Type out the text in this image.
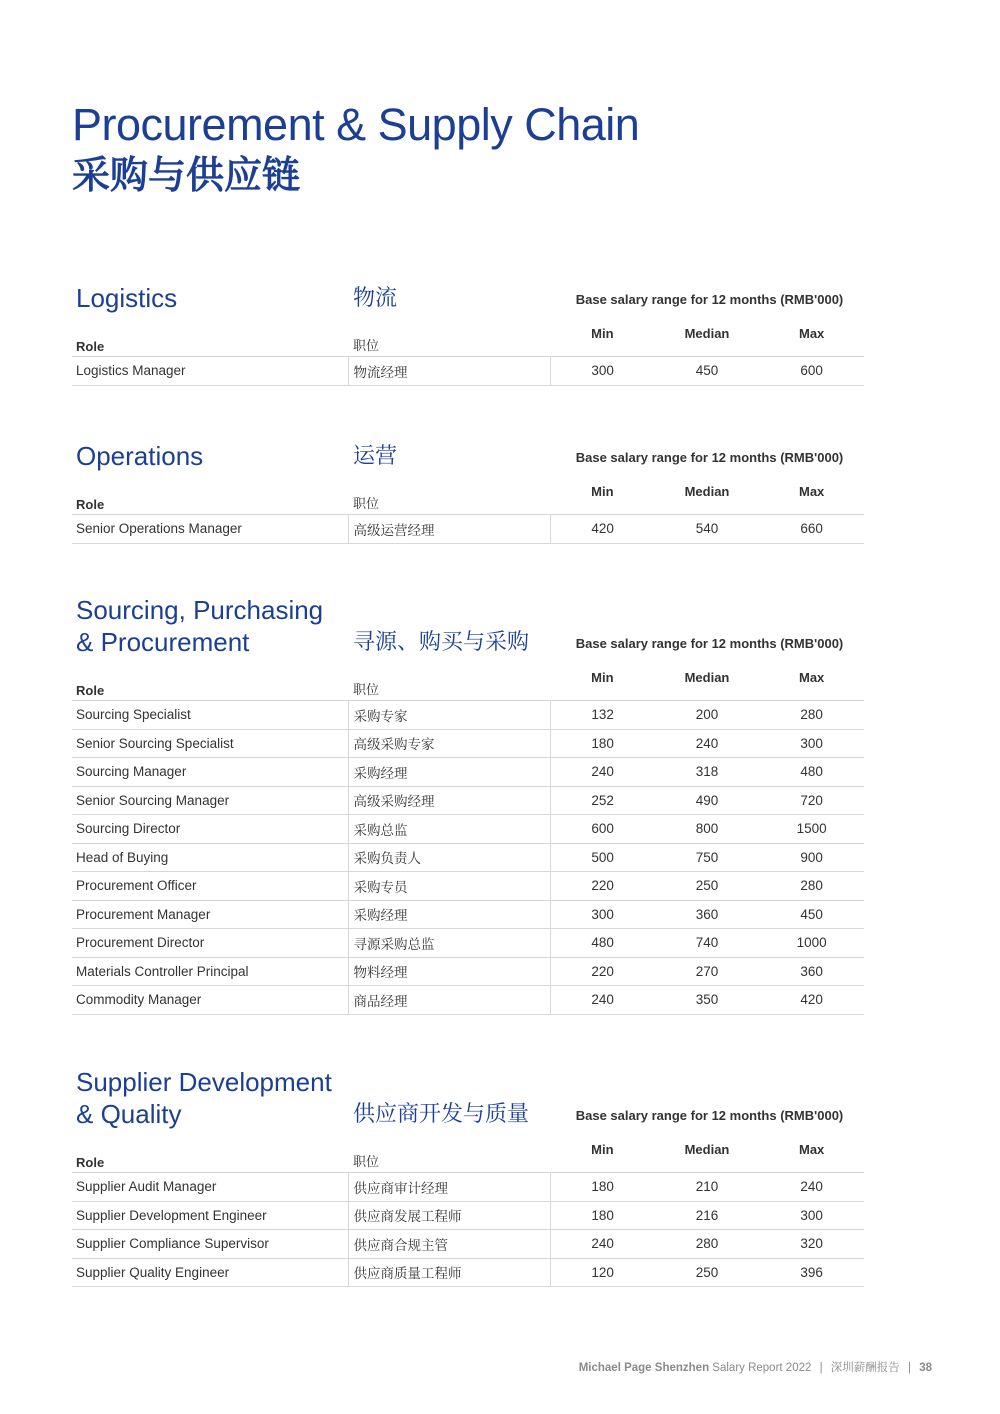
Procurement & Supply Chain
采购与供应链
Logistics	物流	Base salary range for 12 months (RMB'000)
Role	职位	Min	Median	Max
Logistics Manager	物流经理	300	450	600
Operations	运营	Base salary range for 12 months (RMB'000)
Role	职位	Min	Median	Max
Senior Operations Manager	高级运营经理	420	540	660
Sourcing, Purchasing
& Procurement	寻源、购买与采购	Base salary range for 12 months (RMB'000)
Role	职位	Min	Median	Max
Sourcing Specialist	采购专家	132	200	280
Senior Sourcing Specialist	高级采购专家	180	240	300
Sourcing Manager	采购经理	240	318	480
Senior Sourcing Manager	高级采购经理	252	490	720
Sourcing Director	采购总监	600	800	1500
Head of Buying	采购负责人	500	750	900
Procurement Officer	采购专员	220	250	280
Procurement Manager	采购经理	300	360	450
Procurement Director	寻源采购总监	480	740	1000
Materials Controller Principal	物料经理	220	270	360
Commodity Manager	商品经理	240	350	420
Supplier Development
& Quality	供应商开发与质量	Base salary range for 12 months (RMB'000)
Role	职位	Min	Median	Max
Supplier Audit Manager	供应商审计经理	180	210	240
Supplier Development Engineer	供应商发展工程师	180	216	300
Supplier Compliance Supervisor	供应商合规主管	240	280	320
Supplier Quality Engineer	供应商质量工程师	120	250	396
Michael Page Shenzhen Salary Report 2022 | 深圳薪酬报告 | 38
